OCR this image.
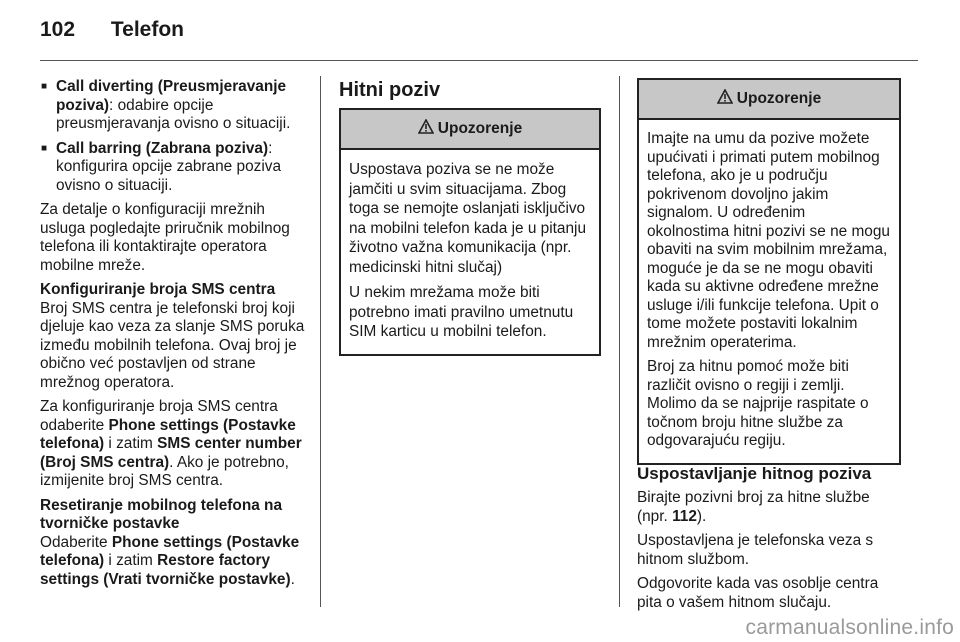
102 Telefon

■ Call diverting (Preusmjeravanje poziva): odabire opcije preusmjeravanja ovisno o situaciji.

■ Call barring (Zabrana poziva): konfigurira opcije zabrane poziva ovisno o situaciji.

Za detalje o konfiguraciji mrežnih usluga pogledajte priručnik mobilnog telefona ili kontaktirajte operatora mobilne mreže.

Konfiguriranje broja SMS centra

Broj SMS centra je telefonski broj koji djeluje kao veza za slanje SMS poruka između mobilnih telefona. Ovaj broj je obično već postavljen od strane mrežnog operatora.

Za konfiguriranje broja SMS centra odaberite Phone settings (Postavke telefona) i zatim SMS center number (Broj SMS centra). Ako je potrebno, izmijenite broj SMS centra.

Resetiranje mobilnog telefona na tvorničke postavke

Odaberite Phone settings (Postavke telefona) i zatim Restore factory settings (Vrati tvorničke postavke).

Hitni poziv
Upozorenje

Uspostava poziva se ne može jamčiti u svim situacijama. Zbog toga se nemojte oslanjati isključivo na mobilni telefon kada je u pitanju životno važna komunikacija (npr. medicinski hitni slučaj)

U nekim mrežama može biti potrebno imati pravilno umetnutu SIM karticu u mobilni telefon.

Upozorenje

Imajte na umu da pozive možete upućivati i primati putem mobilnog telefona, ako je u području pokrivenom dovoljno jakim signalom. U određenim okolnostima hitni pozivi se ne mogu obaviti na svim mobilnim mrežama, moguće je da se ne mogu obaviti kada su aktivne određene mrežne usluge i/ili funkcije telefona. Upit o tome možete postaviti lokalnim mrežnim operaterima.

Broj za hitnu pomoć može biti različit ovisno o regiji i zemlji. Molimo da se najprije raspitate o točnom broju hitne službe za odgovarajuću regiju.

Uspostavljanje hitnog poziva

Birajte pozivni broj za hitne službe (npr. 112).

Uspostavljena je telefonska veza s hitnom službom.

Odgovorite kada vas osoblje centra pita o vašem hitnom slučaju.

carmanualsonline.info
